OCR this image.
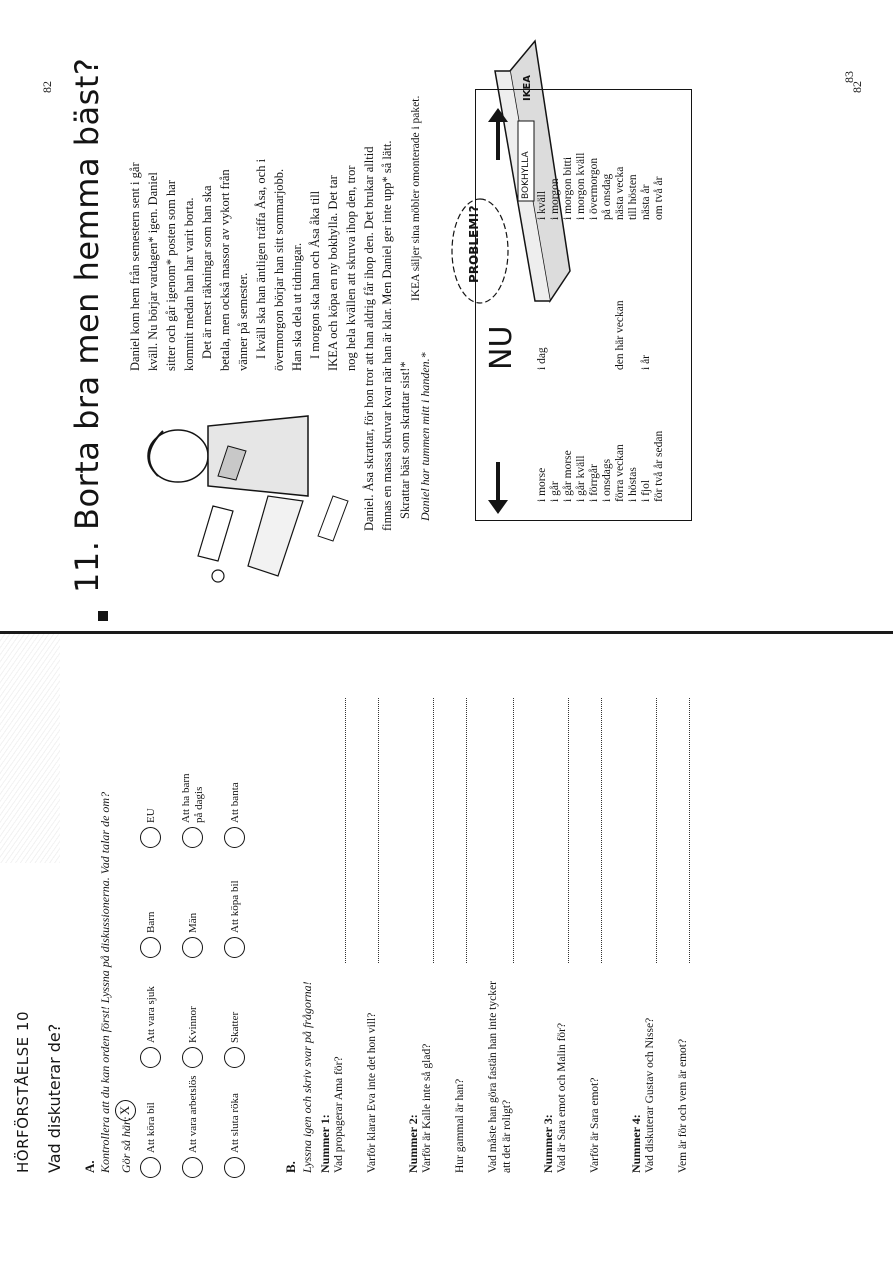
HÖRFÖRSTÅELSE 10 Vad diskuterar de? A. Kontrollera att du kan orden först! Lyssna på diskussionerna. Vad talar de om? Gör så här:
X	Att köra bil
Att vara sjuk
Barn
EU
Att vara arbetslös
Kvinnor
Män
Att ha barn på dagis
Att sluta röka
Skatter
Att köpa bil
Att banta
B. Lyssna igen och skriv svar på frågorna! Nummer 1: Vad propagerar Ama för? Varför klarar Eva inte det hon vill? Nummer 2: Varför är Kalle inte så glad? Hur gammal är han? Vad måste han göra fastän han inte tycker att det är roligt? Nummer 3: Vad är Sara emot och Malin för? Varför är Sara emot? Nummer 4: Vad diskuterar Gustav och Nisse? Vem är för och vem är emot?
82
82 11. Borta bra men hemma bäst? Daniel kom hem från semestern sent i går kväll. Nu börjar vardagen* igen. Daniel sitter och går igenom* posten som har kommit medan han har varit borta. Det är mest räkningar som han ska betala, men också massor av vykort från vänner på semester. I kväll ska han äntligen träffa Åsa, och i övermorgon börjar han sitt sommarjobb. Han ska dela ut tidningar. I morgon ska han och Åsa åka till IKEA och köpa en ny bokhylla. Det tar nog hela kvällen att skruva ihop den, tror Daniel. Åsa skrattar, för hon tror att han aldrig får ihop den. Det brukar alltid finnas en massa skruvar kvar när han är klar. Men Daniel ger inte upp* så lätt. Skrattar bäst som skrattar sist!* Daniel har tummen mitt i handen.*
IKEA säljer sina möbler omonterade i paket.	PROBLEM!?
BOKHYLLA
IKEA
NU
i morse i går i går morse i går kväll i förrgår i onsdags förra veckan i höstas i fjol för två år sedan
i dag	den här veckan i år
i kväll i morgon i morgon bitti i morgon kväll i övermorgon på onsdag nästa vecka till hösten nästa år om två år
83
